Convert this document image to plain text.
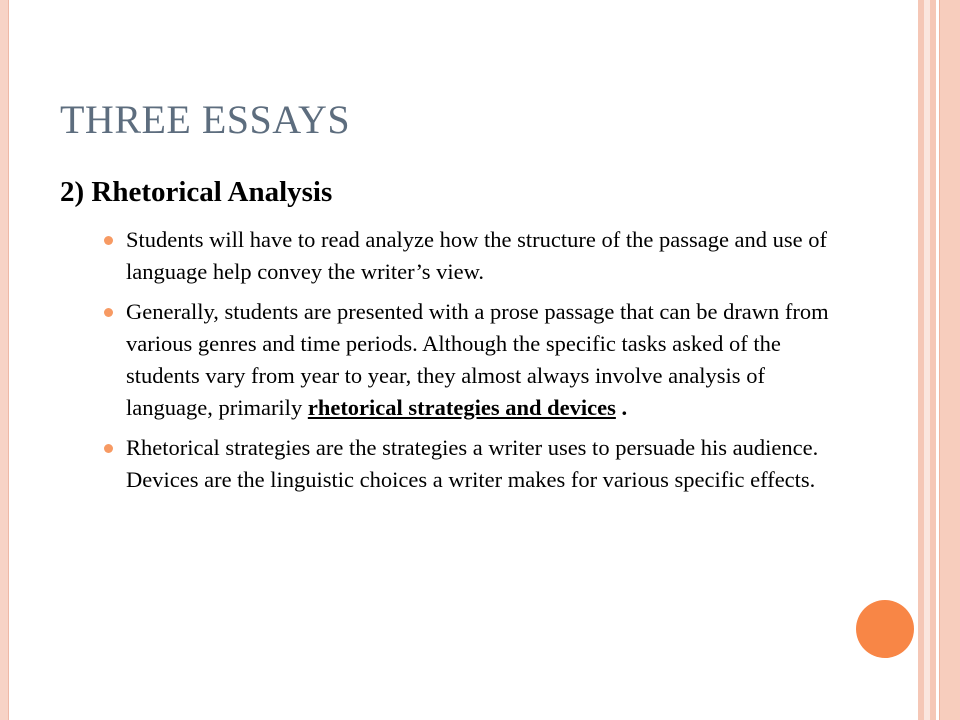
THREE ESSAYS
2) Rhetorical Analysis
Students will have to read analyze how the structure of the passage and use of language help convey the writer’s view.
Generally, students are presented with a prose passage that can be drawn from various genres and time periods. Although the specific tasks asked of the students vary from year to year, they almost always involve analysis of language, primarily rhetorical strategies and devices .
Rhetorical strategies are the strategies a writer uses to persuade his audience. Devices are the linguistic choices a writer makes for various specific effects.
